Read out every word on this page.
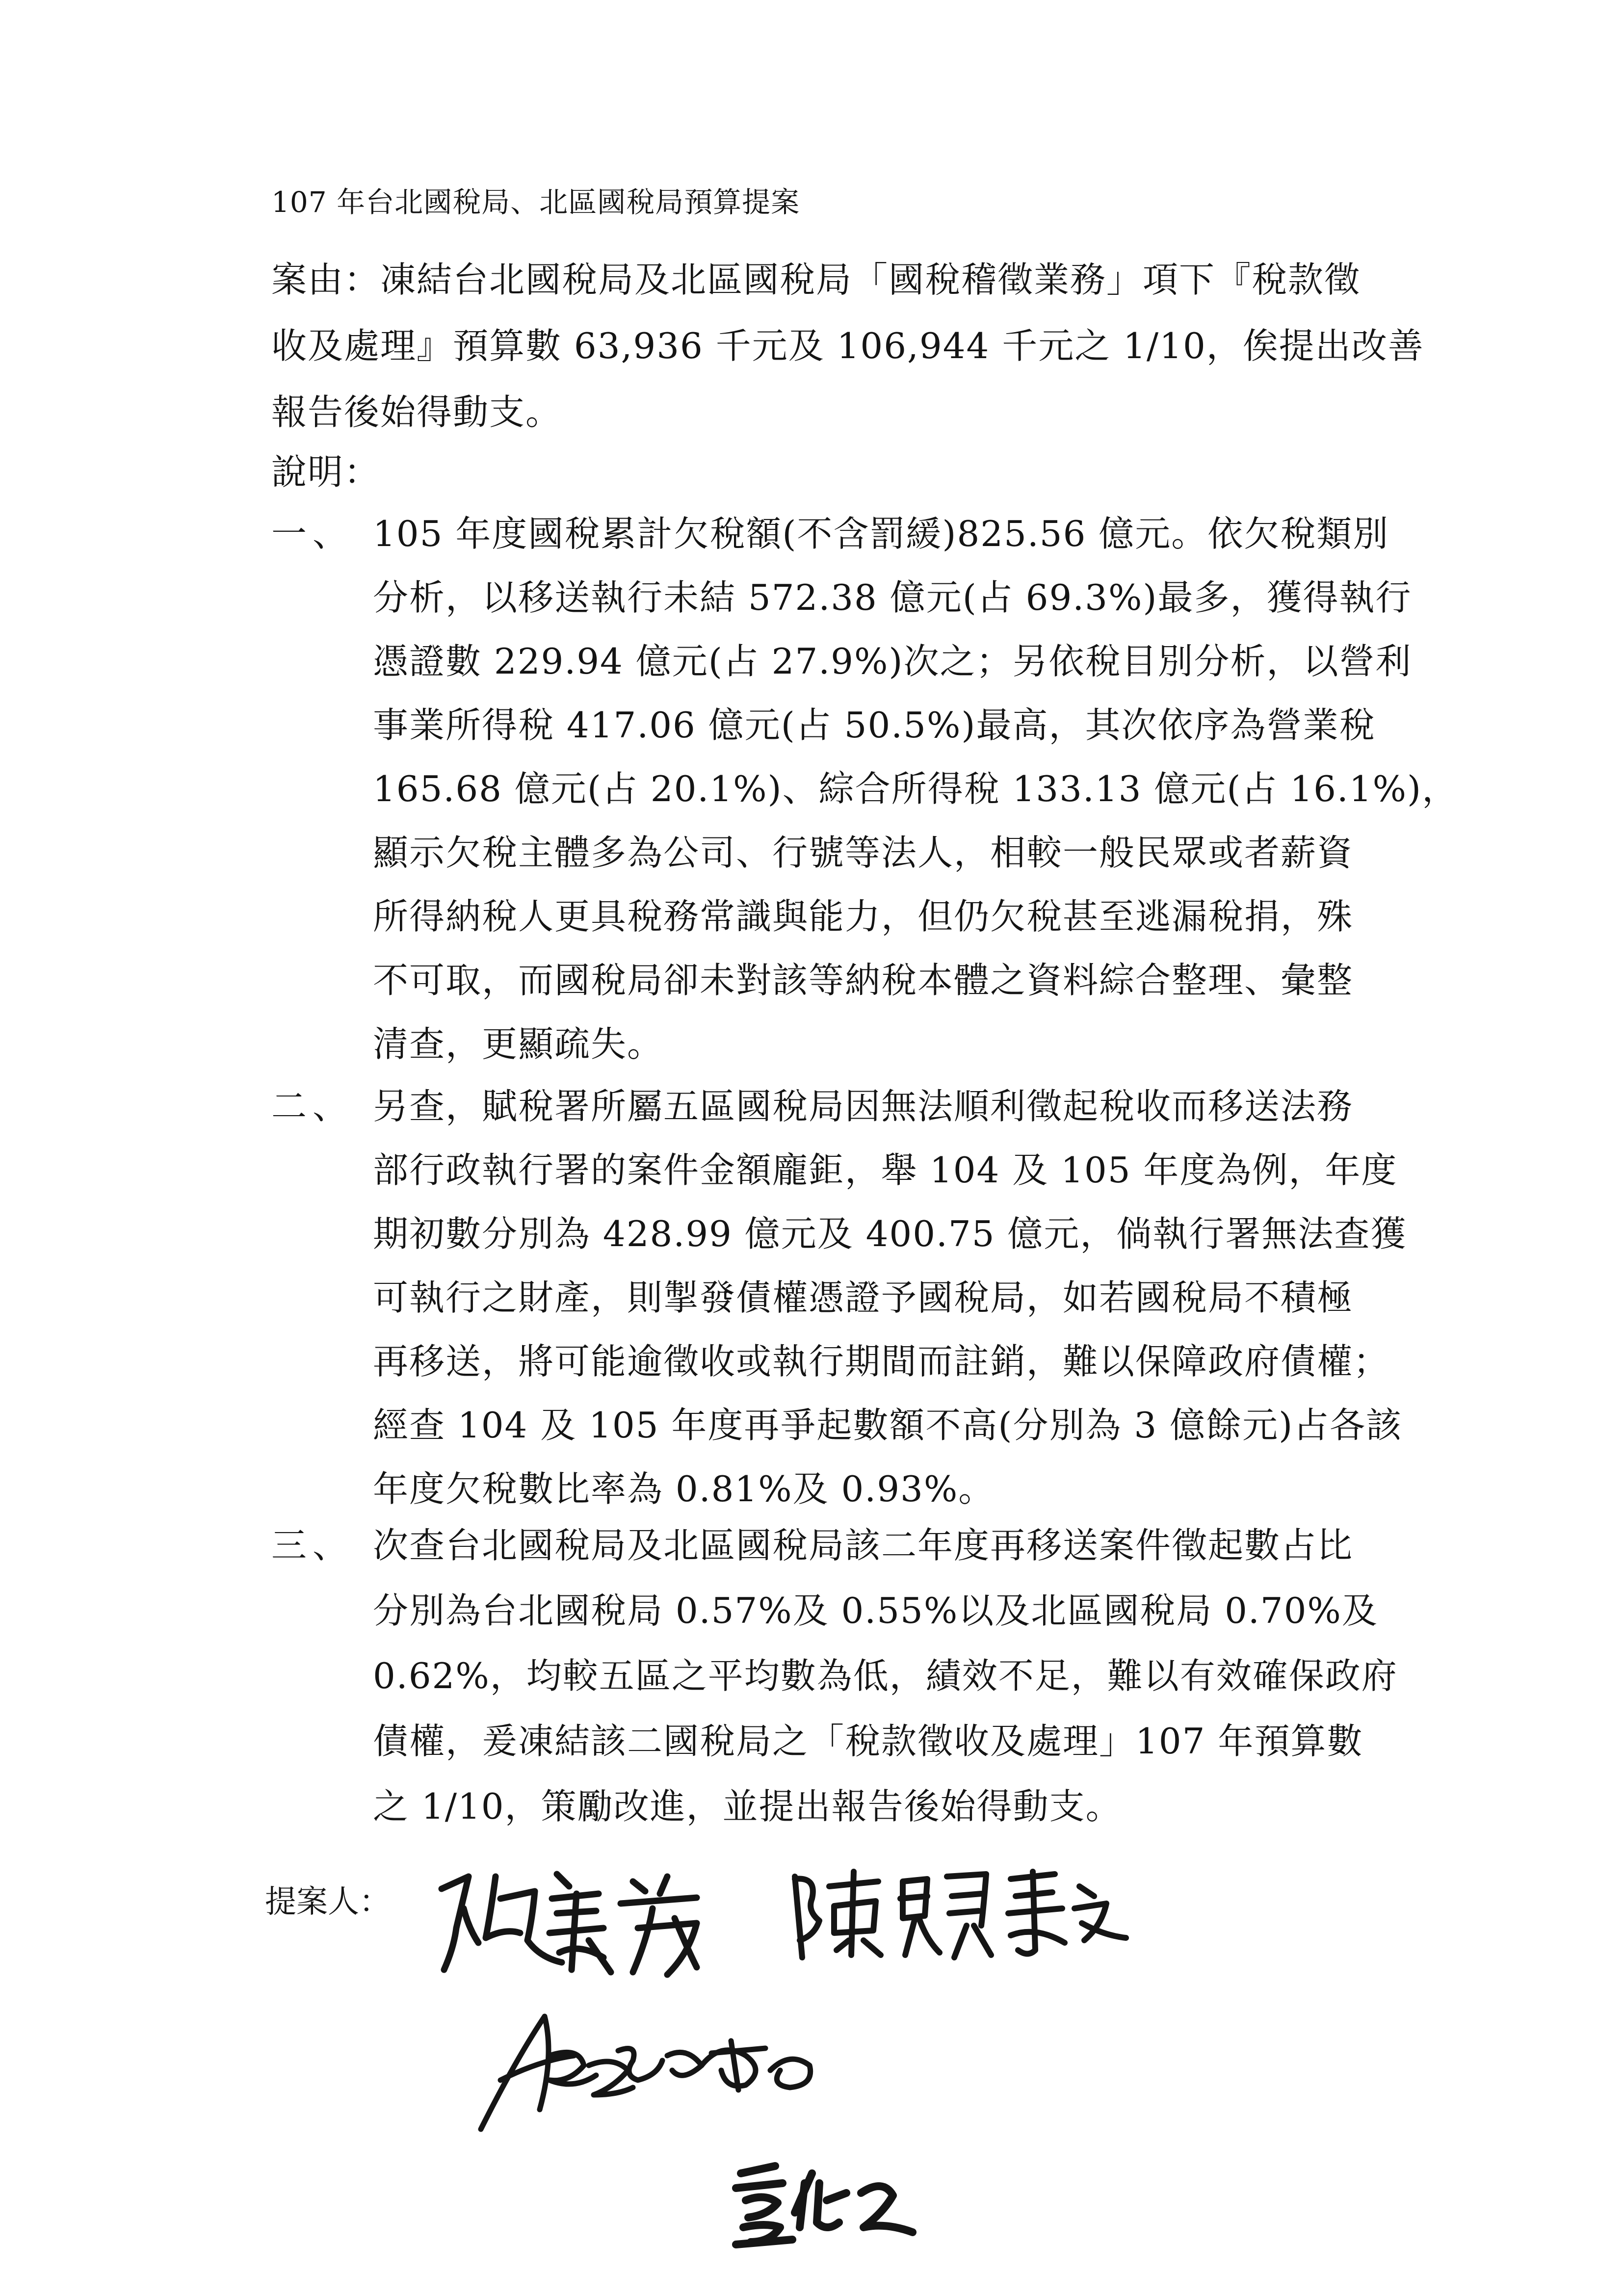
107 年台北國稅局、北區國稅局預算提案
案由：凍結台北國稅局及北區國稅局「國稅稽徵業務」項下『稅款徵
收及處理』預算數 63,936 千元及 106,944 千元之 1/10，俟提出改善
報告後始得動支。
說明：
一、 105 年度國稅累計欠稅額(不含罰緩)825.56 億元。依欠稅類別
分析，以移送執行未結 572.38 億元(占 69.3%)最多，獲得執行
憑證數 229.94 億元(占 27.9%)次之；另依稅目別分析，以營利
事業所得稅 417.06 億元(占 50.5%)最高，其次依序為營業稅
165.68 億元(占 20.1%)、綜合所得稅 133.13 億元(占 16.1%)，
顯示欠稅主體多為公司、行號等法人，相較一般民眾或者薪資
所得納稅人更具稅務常識與能力，但仍欠稅甚至逃漏稅捐，殊
不可取，而國稅局卻未對該等納稅本體之資料綜合整理、彙整
清查，更顯疏失。
二、 另查，賦稅署所屬五區國稅局因無法順利徵起稅收而移送法務
部行政執行署的案件金額龐鉅，舉 104 及 105 年度為例，年度
期初數分別為 428.99 億元及 400.75 億元，倘執行署無法查獲
可執行之財產，則掣發債權憑證予國稅局，如若國稅局不積極
再移送，將可能逾徵收或執行期間而註銷，難以保障政府債權；
經查 104 及 105 年度再爭起數額不高(分別為 3 億餘元)占各該
年度欠稅數比率為 0.81%及 0.93%。
三、 次查台北國稅局及北區國稅局該二年度再移送案件徵起數占比
分別為台北國稅局 0.57%及 0.55%以及北區國稅局 0.70%及
0.62%，均較五區之平均數為低，績效不足，難以有效確保政府
債權，爰凍結該二國稅局之「稅款徵收及處理」107 年預算數
之 1/10，策勵改進，並提出報告後始得動支。
提案人：
